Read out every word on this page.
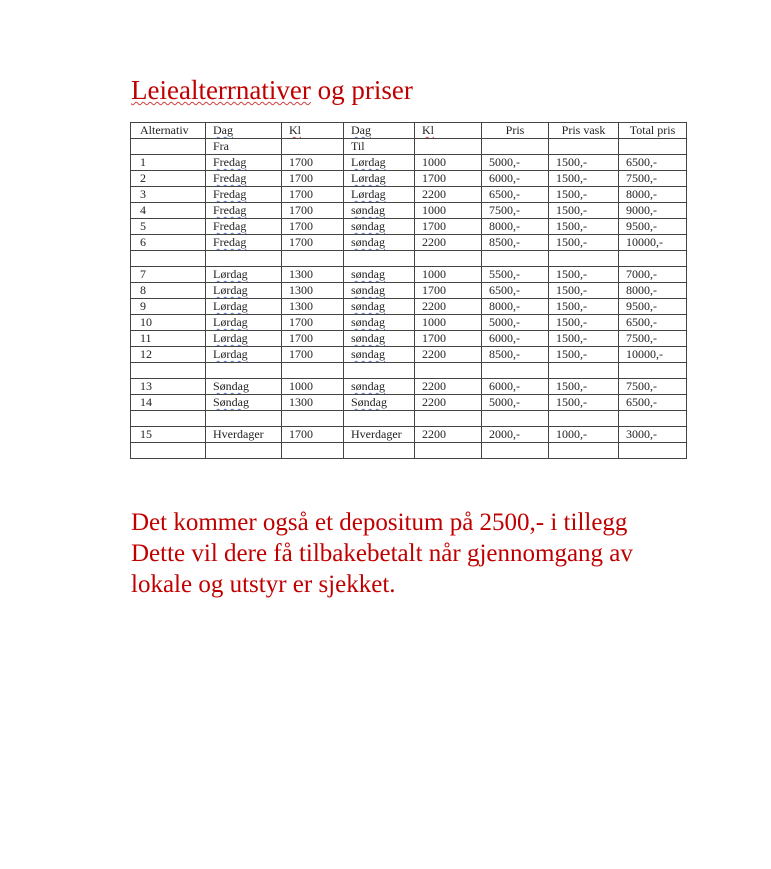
Leiealterrnativer og priser
Alternativ	Dag	Kl	Dag	Kl	Pris	Pris vask	Total pris
	Fra		Til				
1	Fredag	1700	Lørdag	1000	5000,-	1500,-	6500,-
2	Fredag	1700	Lørdag	1700	6000,-	1500,-	7500,-
3	Fredag	1700	Lørdag	2200	6500,-	1500,-	8000,-
4	Fredag	1700	søndag	1000	7500,-	1500,-	9000,-
5	Fredag	1700	søndag	1700	8000,-	1500,-	9500,-
6	Fredag	1700	søndag	2200	8500,-	1500,-	10000,-

7	Lørdag	1300	søndag	1000	5500,-	1500,-	7000,-
8	Lørdag	1300	søndag	1700	6500,-	1500,-	8000,-
9	Lørdag	1300	søndag	2200	8000,-	1500,-	9500,-
10	Lørdag	1700	søndag	1000	5000,-	1500,-	6500,-
11	Lørdag	1700	søndag	1700	6000,-	1500,-	7500,-
12	Lørdag	1700	søndag	2200	8500,-	1500,-	10000,-

13	Søndag	1000	søndag	2200	6000,-	1500,-	7500,-
14	Søndag	1300	Søndag	2200	5000,-	1500,-	6500,-

15	Hverdager	1700	Hverdager	2200	2000,-	1000,-	3000,-

Det kommer også et depositum på 2500,- i tillegg
Dette vil dere få tilbakebetalt når gjennomgang av
lokale og utstyr er sjekket.
